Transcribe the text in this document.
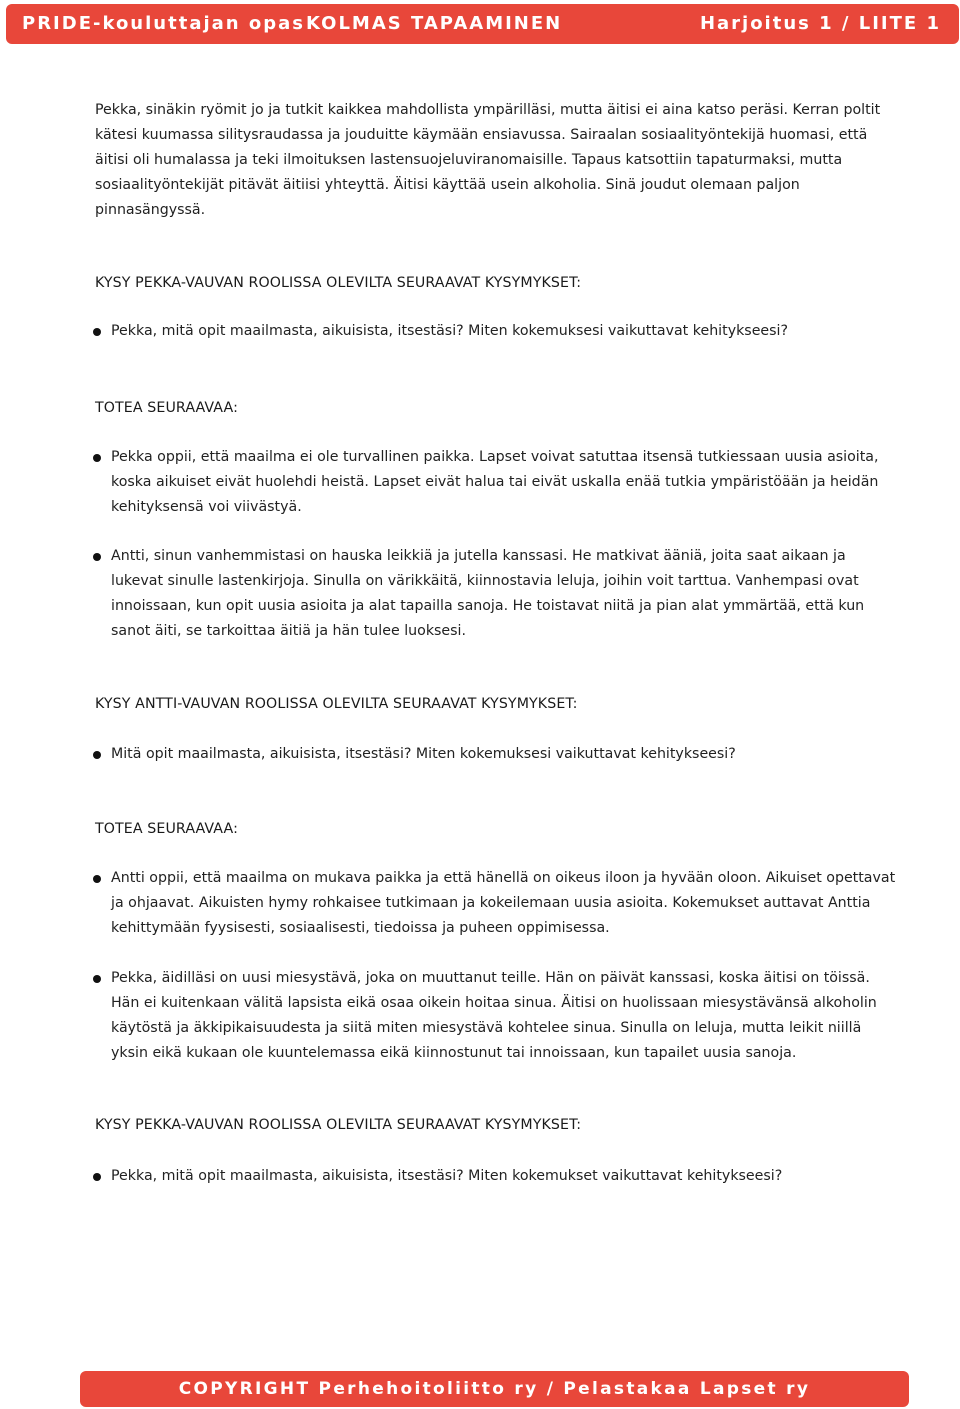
PRIDE-kouluttajan opas KOLMAS TAPAAMINEN	Harjoitus 1 / LIITE 1
Pekka, sinäkin ryömit jo ja tutkit kaikkea mahdollista ympärilläsi, mutta äitisi ei aina katso peräsi. Kerran poltit kätesi kuumassa silitysraudassa ja jouduitte käymään ensiavussa. Sairaalan sosiaalityöntekijä huomasi, että äitisi oli humalassa ja teki ilmoituksen lastensuojeluviranomaisille. Tapaus katsottiin tapaturmaksi, mutta sosiaalityöntekijät pitävät äitiisi yhteyttä. Äitisi käyttää usein alkoholia. Sinä joudut olemaan paljon pinnasängyssä.
KYSY PEKKA-VAUVAN ROOLISSA OLEVILTA SEURAAVAT KYSYMYKSET:
Pekka, mitä opit maailmasta, aikuisista, itsestäsi? Miten kokemuksesi vaikuttavat kehitykseesi?
TOTEA SEURAAVAA:
Pekka oppii, että maailma ei ole turvallinen paikka. Lapset voivat satuttaa itsensä tutkiessaan uusia asioita, koska aikuiset eivät huolehdi heistä. Lapset eivät halua tai eivät uskalla enää tutkia ympäristöään ja heidän kehityksensä voi viivästyä.
Antti, sinun vanhemmistasi on hauska leikkiä ja jutella kanssasi. He matkivat ääniä, joita saat aikaan ja lukevat sinulle lastenkirjoja. Sinulla on värikkäitä, kiinnostavia leluja, joihin voit tarttua. Vanhempasi ovat innoissaan, kun opit uusia asioita ja alat tapailla sanoja. He toistavat niitä ja pian alat ymmärtää, että kun sanot äiti, se tarkoittaa äitiä ja hän tulee luoksesi.
KYSY ANTTI-VAUVAN ROOLISSA OLEVILTA SEURAAVAT KYSYMYKSET:
Mitä opit maailmasta, aikuisista, itsestäsi? Miten kokemuksesi vaikuttavat kehitykseesi?
TOTEA SEURAAVAA:
Antti oppii, että maailma on mukava paikka ja että hänellä on oikeus iloon ja hyvään oloon. Aikuiset opettavat ja ohjaavat. Aikuisten hymy rohkaisee tutkimaan ja kokeilemaan uusia asioita. Kokemukset auttavat Anttia kehittymään fyysisesti, sosiaalisesti, tiedoissa ja puheen oppimisessa.
Pekka, äidilläsi on uusi miesystävä, joka on muuttanut teille. Hän on päivät kanssasi, koska äitisi on töissä. Hän ei kuitenkaan välitä lapsista eikä osaa oikein hoitaa sinua. Äitisi on huolissaan miesystävänsä alkoholin käytöstä ja äkkipikaisuudesta ja siitä miten miesystävä kohtelee sinua. Sinulla on leluja, mutta leikit niillä yksin eikä kukaan ole kuuntelemassa eikä kiinnostunut tai innoissaan, kun tapailet uusia sanoja.
KYSY PEKKA-VAUVAN ROOLISSA OLEVILTA SEURAAVAT KYSYMYKSET:
Pekka, mitä opit maailmasta, aikuisista, itsestäsi? Miten kokemukset vaikuttavat kehitykseesi?
COPYRIGHT Perhehoitoliitto ry / Pelastakaa Lapset ry
